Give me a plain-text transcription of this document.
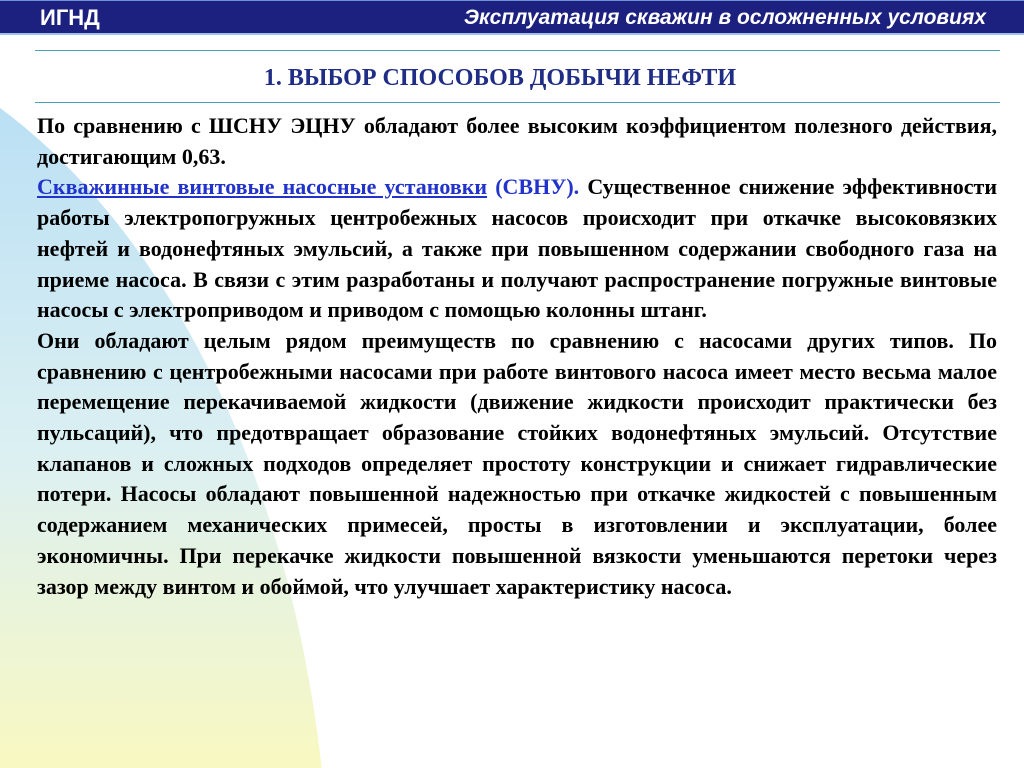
ИГНД	Эксплуатация скважин в осложненных условиях
1. ВЫБОР СПОСОБОВ ДОБЫЧИ НЕФТИ

По сравнению с ШСНУ ЭЦНУ обладают более высоким коэффициентом полезного действия, достигающим 0,63.

Скважинные винтовые насосные установки (СВНУ). Существенное снижение эффективности работы электропогружных центробежных насосов происходит при откачке высоковязких нефтей и водонефтяных эмульсий, а также при повышенном содержании свободного газа на приеме насоса. В связи с этим разработаны и получают распространение погружные винтовые насосы с электроприводом и приводом с помощью колонны штанг.

Они обладают целым рядом преимуществ по сравнению с насосами других типов. По сравнению с центробежными насосами при работе винтового насоса имеет место весьма малое перемещение перекачиваемой жидкости (движение жидкости происходит практически без пульсаций), что предотвращает образование стойких водонефтяных эмульсий. Отсутствие клапанов и сложных подходов определяет простоту конструкции и снижает гидравлические потери. Насосы обладают повышенной надежностью при откачке жидкостей с повышенным содержанием механических примесей, просты в изготовлении и эксплуатации, более экономичны. При перекачке жидкости повышенной вязкости уменьшаются перетоки через зазор между винтом и обоймой, что улучшает характеристику насоса.
